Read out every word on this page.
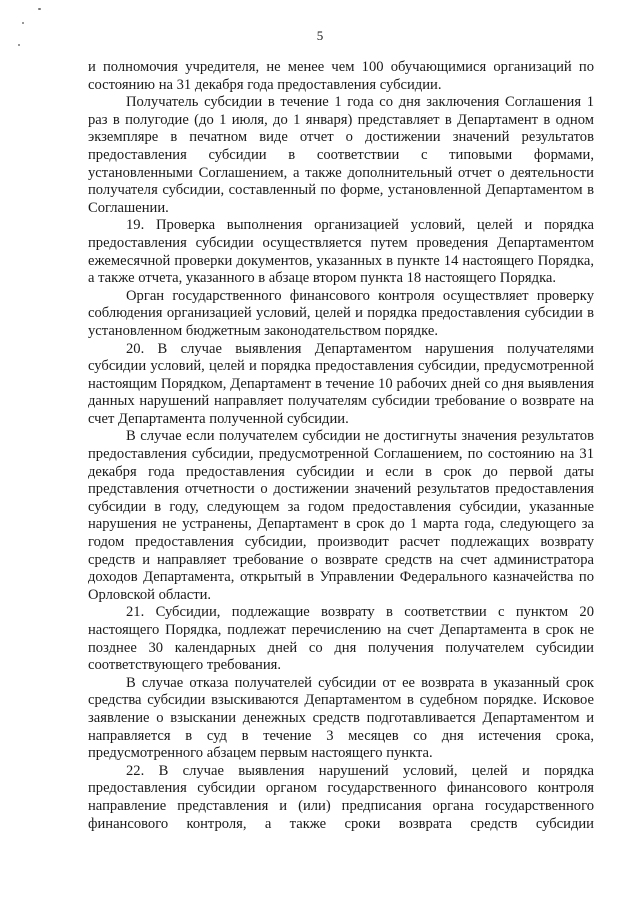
5

и полномочия учредителя, не менее чем 100 обучающимися организаций по состоянию на 31 декабря года предоставления субсидии.

Получатель субсидии в течение 1 года со дня заключения Соглашения 1 раз в полугодие (до 1 июля, до 1 января) представляет в Департамент в одном экземпляре в печатном виде отчет о достижении значений результатов предоставления субсидии в соответствии с типовыми формами, установленными Соглашением, а также дополнительный отчет о деятельности получателя субсидии, составленный по форме, установленной Департаментом в Соглашении.

19. Проверка выполнения организацией условий, целей и порядка предоставления субсидии осуществляется путем проведения Департаментом ежемесячной проверки документов, указанных в пункте 14 настоящего Порядка, а также отчета, указанного в абзаце втором пункта 18 настоящего Порядка.

Орган государственного финансового контроля осуществляет проверку соблюдения организацией условий, целей и порядка предоставления субсидии в установленном бюджетным законодательством порядке.

20. В случае выявления Департаментом нарушения получателями субсидии условий, целей и порядка предоставления субсидии, предусмотренной настоящим Порядком, Департамент в течение 10 рабочих дней со дня выявления данных нарушений направляет получателям субсидии требование о возврате на счет Департамента полученной субсидии.

В случае если получателем субсидии не достигнуты значения результатов предоставления субсидии, предусмотренной Соглашением, по состоянию на 31 декабря года предоставления субсидии и если в срок до первой даты представления отчетности о достижении значений результатов предоставления субсидии в году, следующем за годом предоставления субсидии, указанные нарушения не устранены, Департамент в срок до 1 марта года, следующего за годом предоставления субсидии, производит расчет подлежащих возврату средств и направляет требование о возврате средств на счет администратора доходов Департамента, открытый в Управлении Федерального казначейства по Орловской области.

21. Субсидии, подлежащие возврату в соответствии с пунктом 20 настоящего Порядка, подлежат перечислению на счет Департамента в срок не позднее 30 календарных дней со дня получения получателем субсидии соответствующего требования.

В случае отказа получателей субсидии от ее возврата в указанный срок средства субсидии взыскиваются Департаментом в судебном порядке. Исковое заявление о взыскании денежных средств подготавливается Департаментом и направляется в суд в течение 3 месяцев со дня истечения срока, предусмотренного абзацем первым настоящего пункта.

22. В случае выявления нарушений условий, целей и порядка предоставления субсидии органом государственного финансового контроля направление представления и (или) предписания органа государственного финансового контроля, а также сроки возврата средств субсидии
